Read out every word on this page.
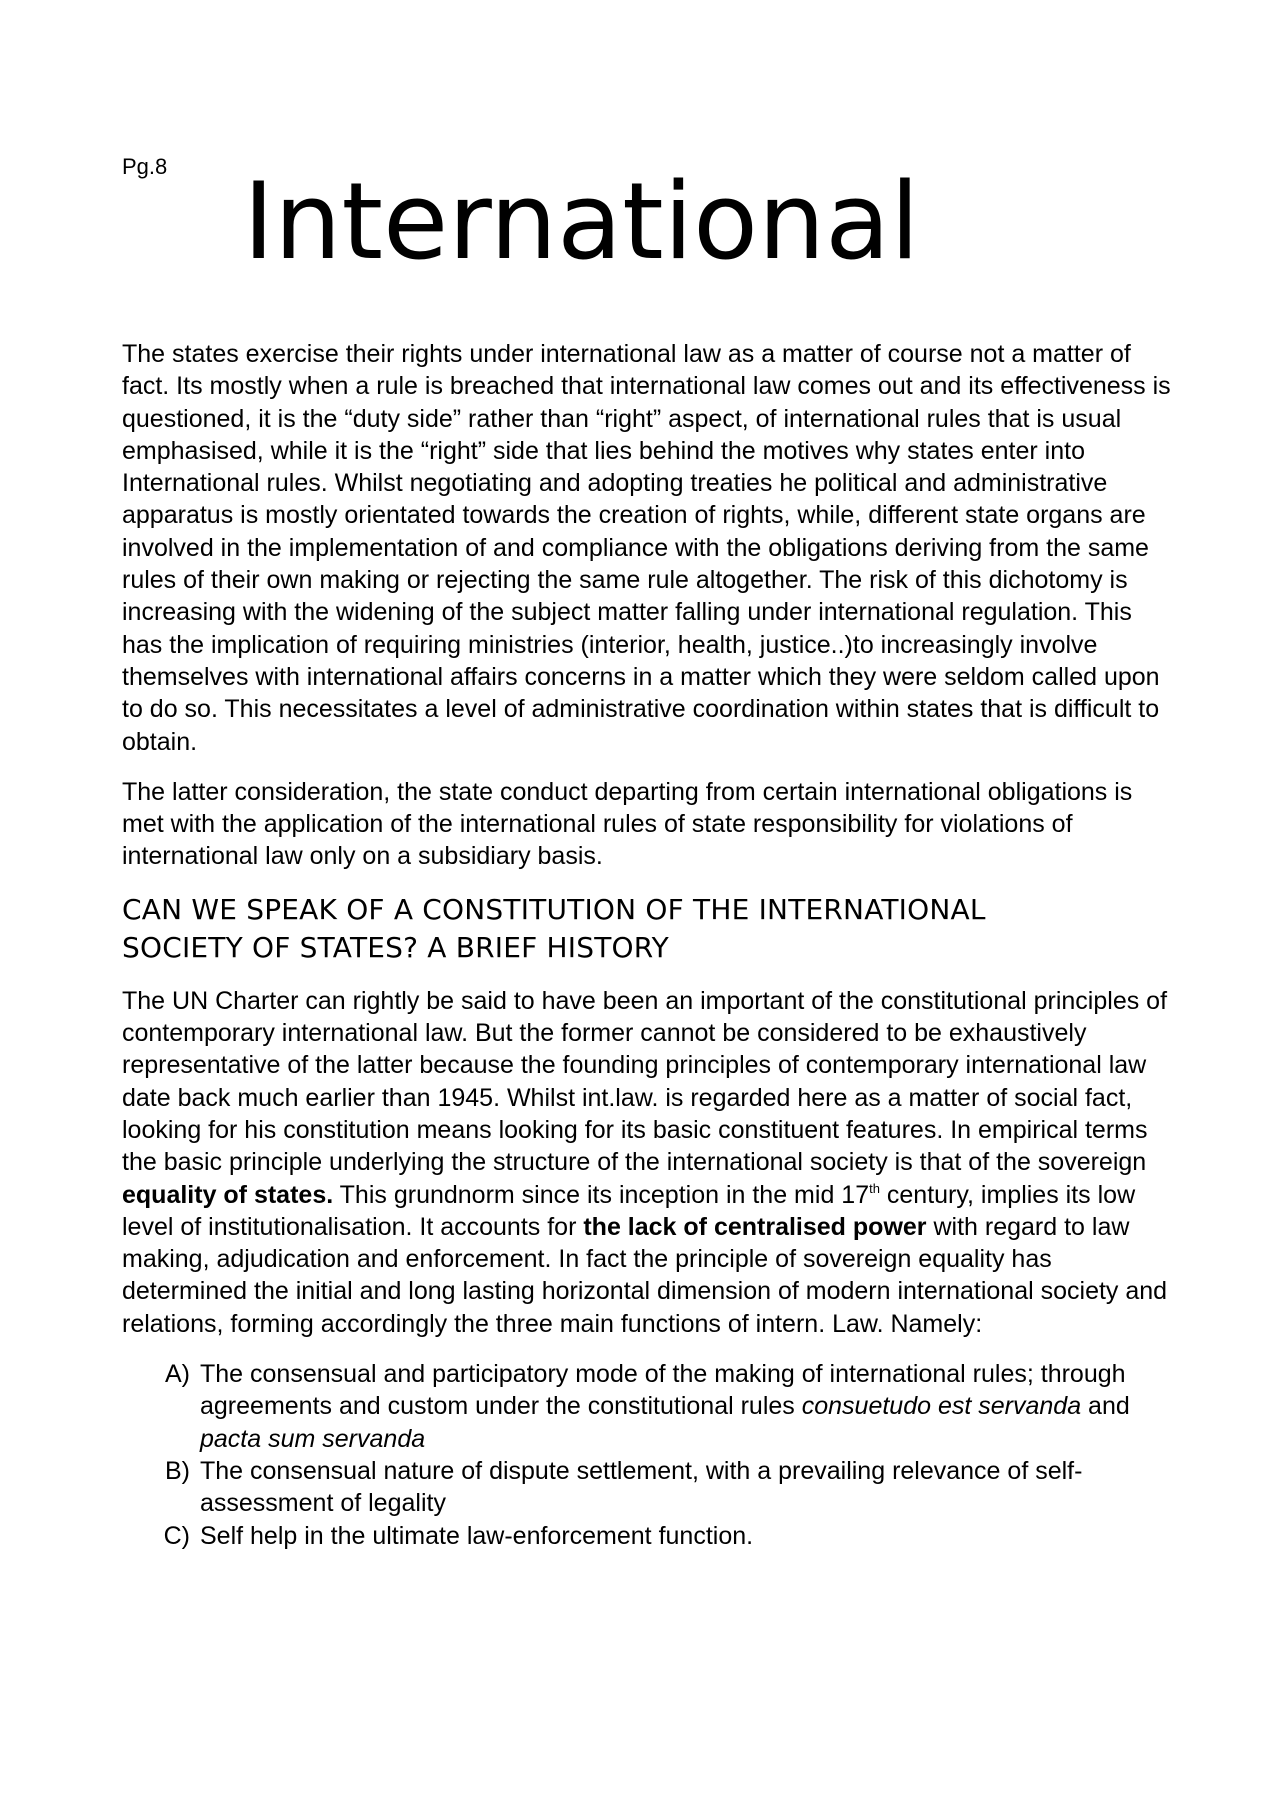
Pg.8 International

The states exercise their rights under international law as a matter of course not a matter of fact. Its mostly when a rule is breached that international law comes out and its effectiveness is questioned, it is the “duty side” rather than “right” aspect, of international rules that is usual emphasised, while it is the “right” side that lies behind the motives why states enter into International rules. Whilst negotiating and adopting treaties he political and administrative apparatus is mostly orientated towards the creation of rights, while, different state organs are involved in the implementation of and compliance with the obligations deriving from the same rules of their own making or rejecting the same rule altogether. The risk of this dichotomy is increasing with the widening of the subject matter falling under international regulation. This has the implication of requiring ministries (interior, health, justice..)to increasingly involve themselves with international affairs concerns in a matter which they were seldom called upon to do so. This necessitates a level of administrative coordination within states that is difficult to obtain.

The latter consideration, the state conduct departing from certain international obligations is met with the application of the international rules of state responsibility for violations of international law only on a subsidiary basis.

CAN WE SPEAK OF A CONSTITUTION OF THE INTERNATIONAL
SOCIETY OF STATES? A BRIEF HISTORY

The UN Charter can rightly be said to have been an important of the constitutional principles of contemporary international law. But the former cannot be considered to be exhaustively representative of the latter because the founding principles of contemporary international law date back much earlier than 1945. Whilst int.law. is regarded here as a matter of social fact, looking for his constitution means looking for its basic constituent features. In empirical terms the basic principle underlying the structure of the international society is that of the sovereign equality of states. This grundnorm since its inception in the mid 17th century, implies its low level of institutionalisation. It accounts for the lack of centralised power with regard to law making, adjudication and enforcement. In fact the principle of sovereign equality has determined the initial and long lasting horizontal dimension of modern international society and relations, forming accordingly the three main functions of intern. Law. Namely:

A) The consensual and participatory mode of the making of international rules; through agreements and custom under the constitutional rules consuetudo est servanda and pacta sum servanda
B) The consensual nature of dispute settlement, with a prevailing relevance of self-assessment of legality
C) Self help in the ultimate law-enforcement function.
